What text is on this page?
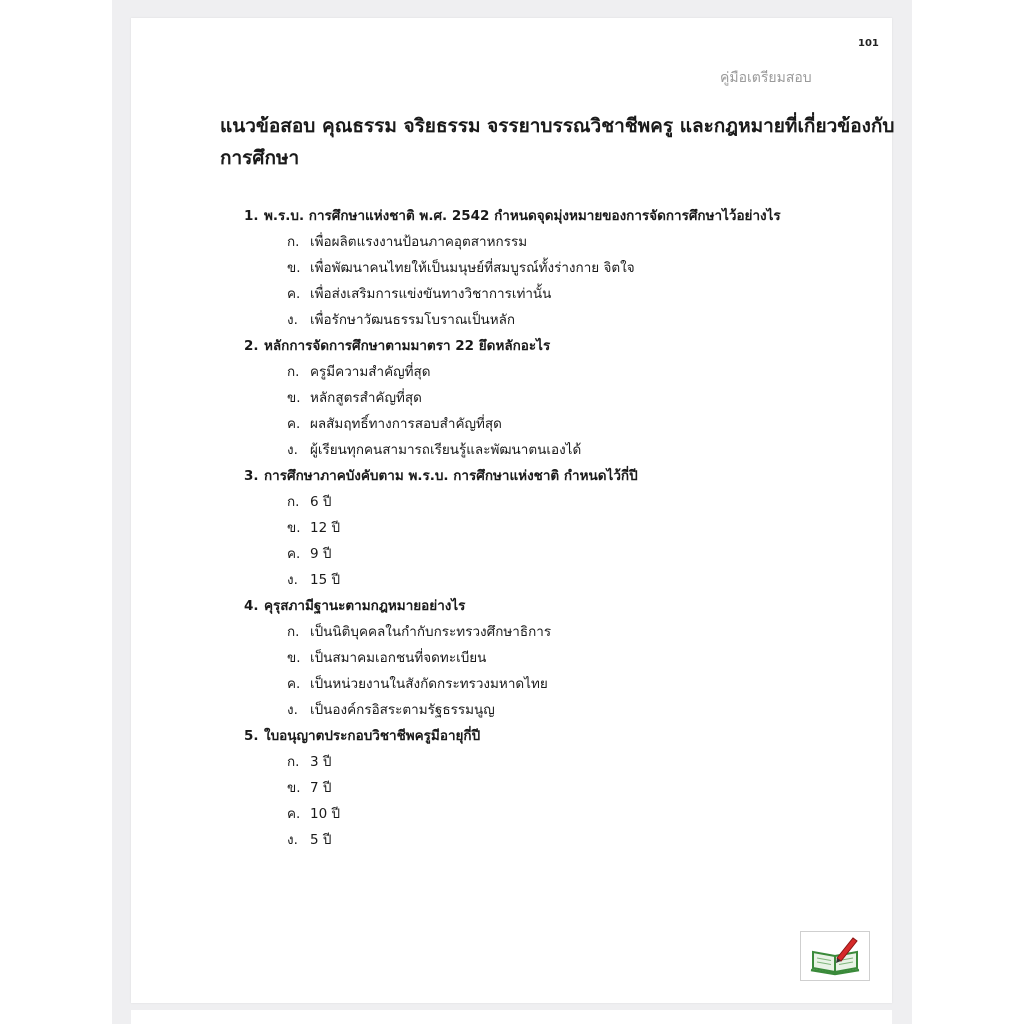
101
คู่มือเตรียมสอบ
แนวข้อสอบ คุณธรรม จริยธรรม จรรยาบรรณวิชาชีพครู และกฎหมายที่เกี่ยวข้องกับ
การศึกษา
1. พ.ร.บ. การศึกษาแห่งชาติ พ.ศ. 2542 กำหนดจุดมุ่งหมายของการจัดการศึกษาไว้อย่างไร
ก. เพื่อผลิตแรงงานป้อนภาคอุตสาหกรรม
ข. เพื่อพัฒนาคนไทยให้เป็นมนุษย์ที่สมบูรณ์ทั้งร่างกาย จิตใจ
ค. เพื่อส่งเสริมการแข่งขันทางวิชาการเท่านั้น
ง. เพื่อรักษาวัฒนธรรมโบราณเป็นหลัก
2. หลักการจัดการศึกษาตามมาตรา 22 ยึดหลักอะไร
ก. ครูมีความสำคัญที่สุด
ข. หลักสูตรสำคัญที่สุด
ค. ผลสัมฤทธิ์ทางการสอบสำคัญที่สุด
ง. ผู้เรียนทุกคนสามารถเรียนรู้และพัฒนาตนเองได้
3. การศึกษาภาคบังคับตาม พ.ร.บ. การศึกษาแห่งชาติ กำหนดไว้กี่ปี
ก. 6 ปี
ข. 12 ปี
ค. 9 ปี
ง. 15 ปี
4. คุรุสภามีฐานะตามกฎหมายอย่างไร
ก. เป็นนิติบุคคลในกำกับกระทรวงศึกษาธิการ
ข. เป็นสมาคมเอกชนที่จดทะเบียน
ค. เป็นหน่วยงานในสังกัดกระทรวงมหาดไทย
ง. เป็นองค์กรอิสระตามรัฐธรรมนูญ
5. ใบอนุญาตประกอบวิชาชีพครูมีอายุกี่ปี
ก. 3 ปี
ข. 7 ปี
ค. 10 ปี
ง. 5 ปี
